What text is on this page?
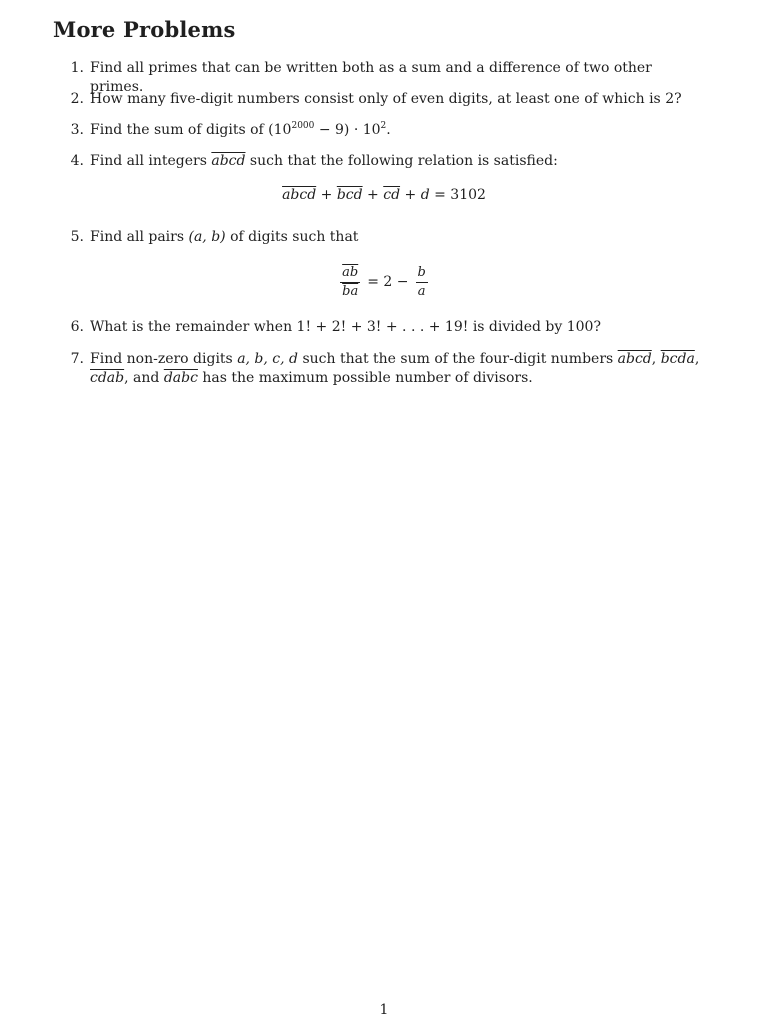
More Problems
1. Find all primes that can be written both as a sum and a difference of two other primes.
2. How many five-digit numbers consist only of even digits, at least one of which is 2?
3. Find the sum of digits of $(10^{2000} - 9) \cdot 10^2$.
4. Find all integers abcd such that the following relation is satisfied:
abcd + $\overline{bcd} + \overline{cd} + d = 3102$
5. Find all pairs (a, b) of digits such that
$\frac{\overline{ab}}{ba} = 2 - \frac{b}{a}$
6. What is the remainder when 1! + 2! + 3! + . . . + 19! is divided by 100?
7. Find non-zero digits a, b, c, d such that the sum of the four-digit numbers abcd, bcda, cdab, and dabc has the maximum possible number of divisors.
1
